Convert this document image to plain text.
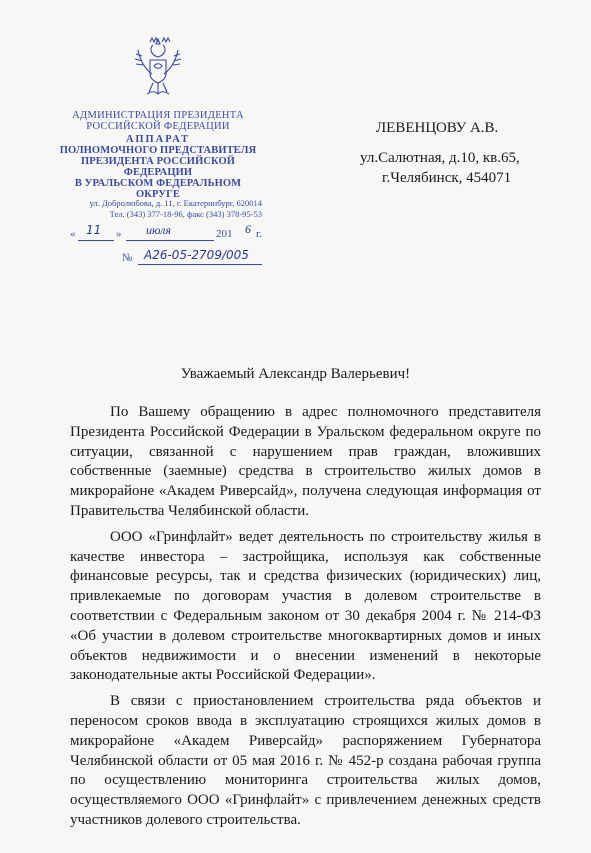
АДМИНИСТРАЦИЯ ПРЕЗИДЕНТА
РОССИЙСКОЙ ФЕДЕРАЦИИ
АППАРАТ
ПОЛНОМОЧНОГО ПРЕДСТАВИТЕЛЯ
ПРЕЗИДЕНТА РОССИЙСКОЙ ФЕДЕРАЦИИ
В УРАЛЬСКОМ ФЕДЕРАЛЬНОМ ОКРУГЕ
ул. Добролюбова, д. 11, г. Екатеринбург, 620014
Тел. (343) 377-18-96, факс (343) 378-95-53
« 11 » июля	201 6 г.
№ А26-05-2709/005
ЛЕВЕНЦОВУ А.В.
ул.Салютная, д.10, кв.65,
г.Челябинск, 454071
Уважаемый Александр Валерьевич!

По Вашему обращению в адрес полномочного представителя Президента Российской Федерации в Уральском федеральном округе по ситуации, связанной с нарушением прав граждан, вложивших собственные (заемные) средства в строительство жилых домов в микрорайоне «Академ Риверсайд», получена следующая информация от Правительства Челябинской области.

ООО «Гринфлайт» ведет деятельность по строительству жилья в качестве инвестора – застройщика, используя как собственные финансовые ресурсы, так и средства физических (юридических) лиц, привлекаемые по договорам участия в долевом строительстве в соответствии с Федеральным законом от 30 декабря 2004 г. № 214-ФЗ «Об участии в долевом строительстве многоквартирных домов и иных объектов недвижимости и о внесении изменений в некоторые законодательные акты Российской Федерации».

В связи с приостановлением строительства ряда объектов и переносом сроков ввода в эксплуатацию строящихся жилых домов в микрорайоне «Академ Риверсайд» распоряжением Губернатора Челябинской области от 05 мая 2016 г. № 452-р создана рабочая группа по осуществлению мониторинга строительства жилых домов, осуществляемого ООО «Гринфлайт» с привлечением денежных средств участников долевого строительства.
